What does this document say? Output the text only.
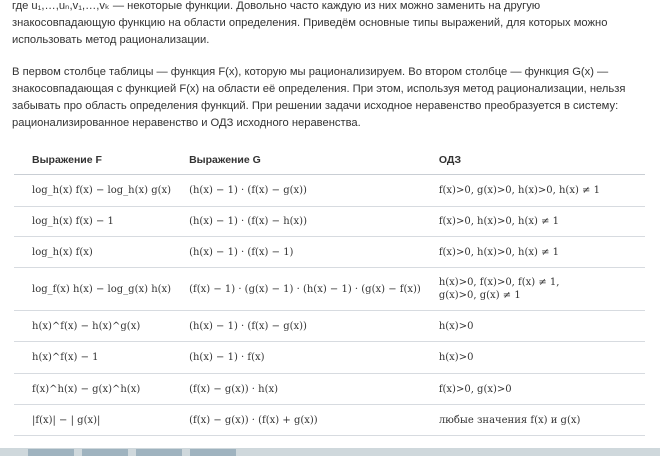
где u₁,…,uₙ,v₁,…,vₖ — некоторые функции. Довольно часто каждую из них можно заменить на другую знакосовпадающую функцию на области определения. Приведём основные типы выражений, для которых можно использовать метод рационализации.

В первом столбце таблицы — функция F(x), которую мы рационализируем. Во втором столбце — функция G(x) — знакосовпадающая с функцией F(x) на области её определения. При этом, используя метод рационализации, нельзя забывать про область определения функций. При решении задачи исходное неравенство преобразуется в систему: рационализированное неравенство и ОДЗ исходного неравенства.

Выражение F	Выражение G	ОДЗ
log_h(x) f(x) − log_h(x) g(x)	(h(x) − 1) · (f(x) − g(x))	f(x)>0, g(x)>0, h(x)>0, h(x) ≠ 1
log_h(x) f(x) − 1	(h(x) − 1) · (f(x) − h(x))	f(x)>0, h(x)>0, h(x) ≠ 1
log_h(x) f(x)	(h(x) − 1) · (f(x) − 1)	f(x)>0, h(x)>0, h(x) ≠ 1
log_f(x) h(x) − log_g(x) h(x)	(f(x) − 1) · (g(x) − 1) · (h(x) − 1) · (g(x) − f(x))	h(x)>0, f(x)>0, f(x) ≠ 1,
g(x)>0, g(x) ≠ 1
h(x)^f(x) − h(x)^g(x)	(h(x) − 1) · (f(x) − g(x))	h(x)>0
h(x)^f(x) − 1	(h(x) − 1) · f(x)	h(x)>0
f(x)^h(x) − g(x)^h(x)	(f(x) − g(x)) · h(x)	f(x)>0, g(x)>0
|f(x)| − | g(x)|	(f(x) − g(x)) · (f(x) + g(x))	любые значения f(x) и g(x)
